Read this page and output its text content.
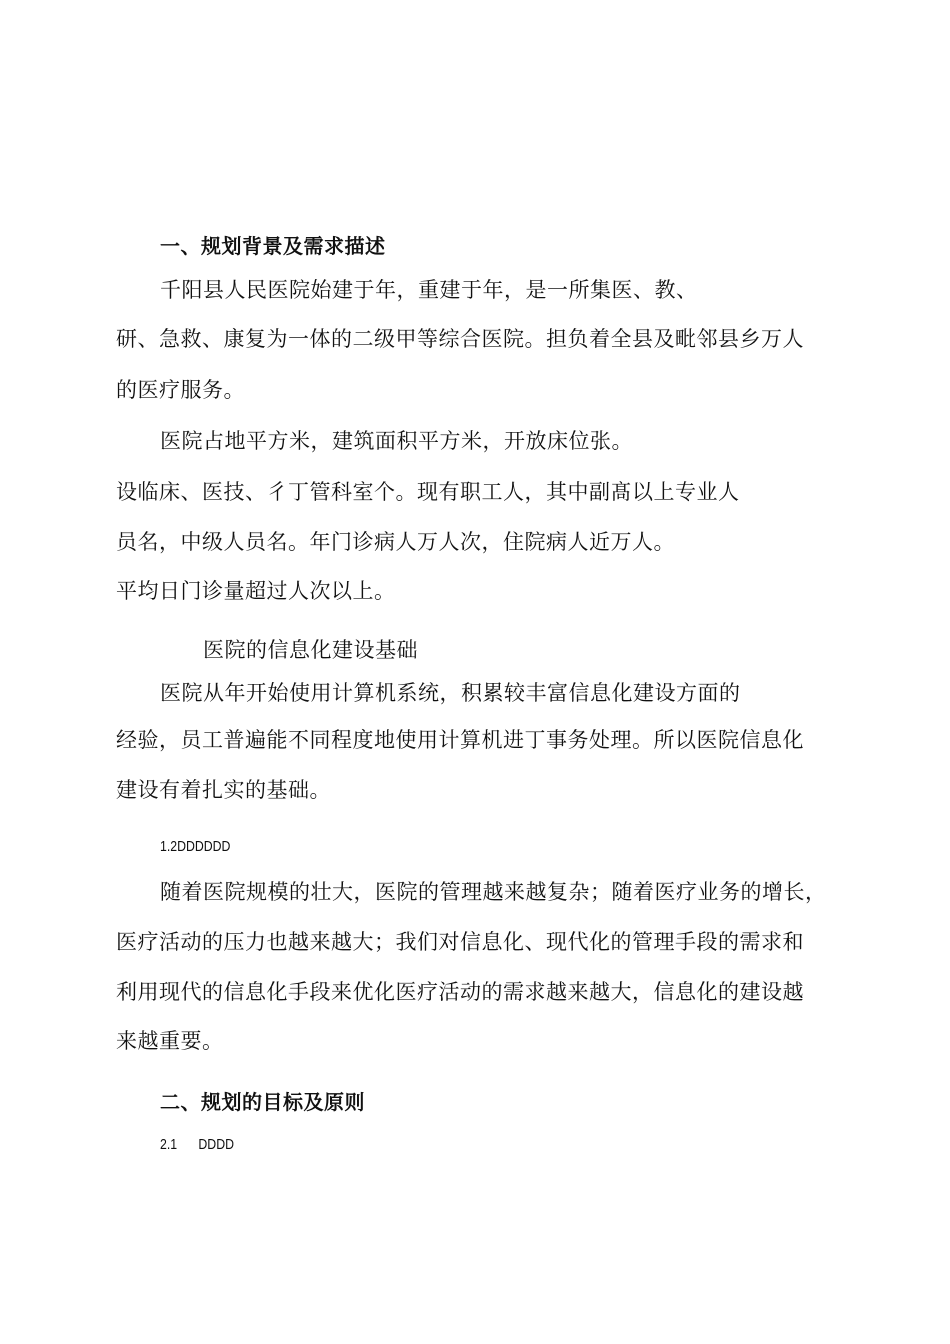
一、规划背景及需求描述
千阳县人民医院始建于年，重建于年，是一所集医、教、
研、急救、康复为一体的二级甲等综合医院。担负着全县及毗邻县乡万人
的医疗服务。
医院占地平方米，建筑面积平方米，开放床位张。
设临床、医技、彳丁管科室个。现有职工人，其中副髙以上专业人
员名，中级人员名。年门诊病人万人次，住院病人近万人。
平均日门诊量超过人次以上。
医院的信息化建设基础
医院从年开始使用计算机系统，积累较丰富信息化建设方面的
经验，员工普遍能不同程度地使用计算机进丁事务处理。所以医院信息化
建设有着扎实的基础。
1.2DDDDDD
随着医院规模的壮大，医院的管理越来越复杂；随着医疗业务的增长，
医疗活动的压力也越来越大；我们对信息化、现代化的管理手段的需求和
利用现代的信息化手段来优化医疗活动的需求越来越大，信息化的建设越
来越重要。
二、规划的目标及原则
2.1 DDDD
